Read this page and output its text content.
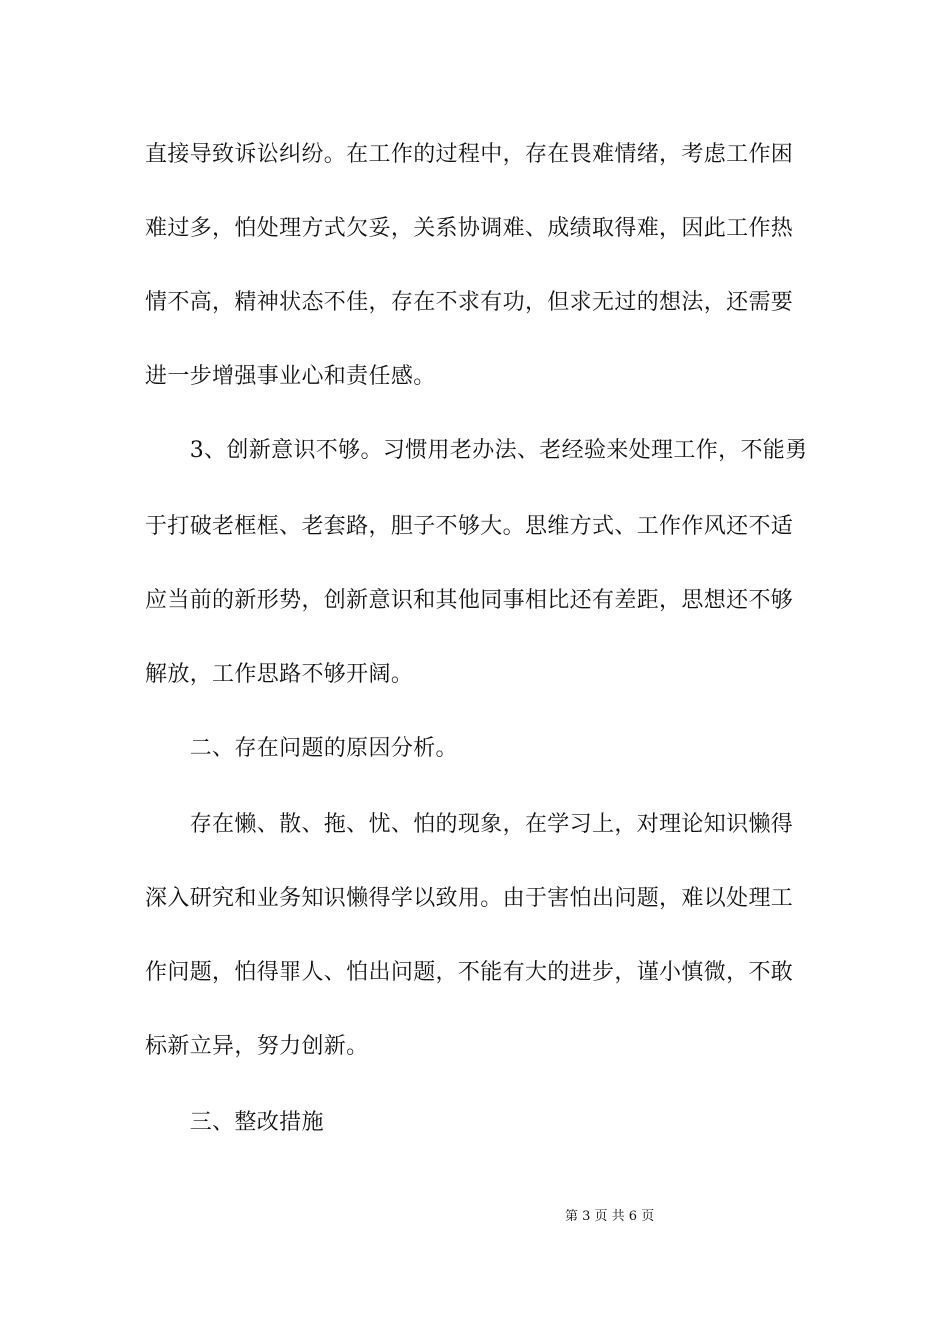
直接导致诉讼纠纷。在工作的过程中，存在畏难情绪，考虑工作困
难过多，怕处理方式欠妥，关系协调难、成绩取得难，因此工作热
情不高，精神状态不佳，存在不求有功，但求无过的想法，还需要
进一步增强事业心和责任感。
　　3、创新意识不够。习惯用老办法、老经验来处理工作，不能勇
于打破老框框、老套路，胆子不够大。思维方式、工作作风还不适
应当前的新形势，创新意识和其他同事相比还有差距，思想还不够
解放，工作思路不够开阔。
　　二、存在问题的原因分析。
　　存在懒、散、拖、忧、怕的现象，在学习上，对理论知识懒得
深入研究和业务知识懒得学以致用。由于害怕出问题，难以处理工
作问题，怕得罪人、怕出问题，不能有大的进步，谨小慎微，不敢
标新立异，努力创新。
　　三、整改措施
第 3 页 共 6 页
